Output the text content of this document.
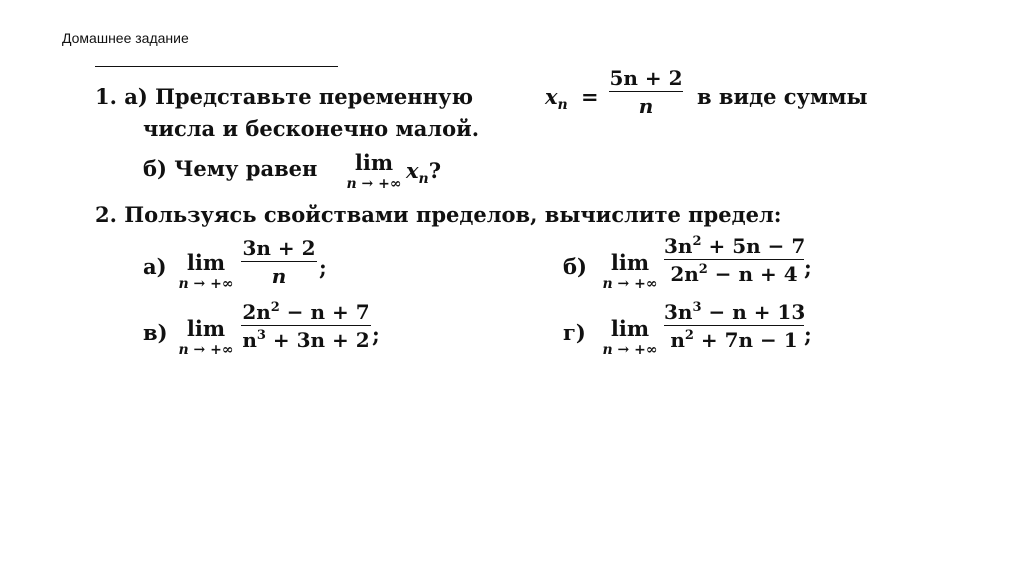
Домашнее задание
1. а) Представьте переменную	$x_n$ =
5n + 2
n	в виде суммы
числа и бесконечно малой.
б) Чему равен	lim
n → +∞
$x_n$?
2. Пользуясь свойствами пределов, вычислите предел:
а) lim
n → +∞
3n + 2
n	;	б)	lim
n → +∞
$3n^2 + 5n - 7$
$2n^2 - n + 4$ ;
в) lim
n → +∞
$2n^2 - n + 7$
$n^3 + 3n + 2$ ;	г)	lim
n → +∞
$3n^3 - n + 13$
$n^2 + 7n - 1$ ;
